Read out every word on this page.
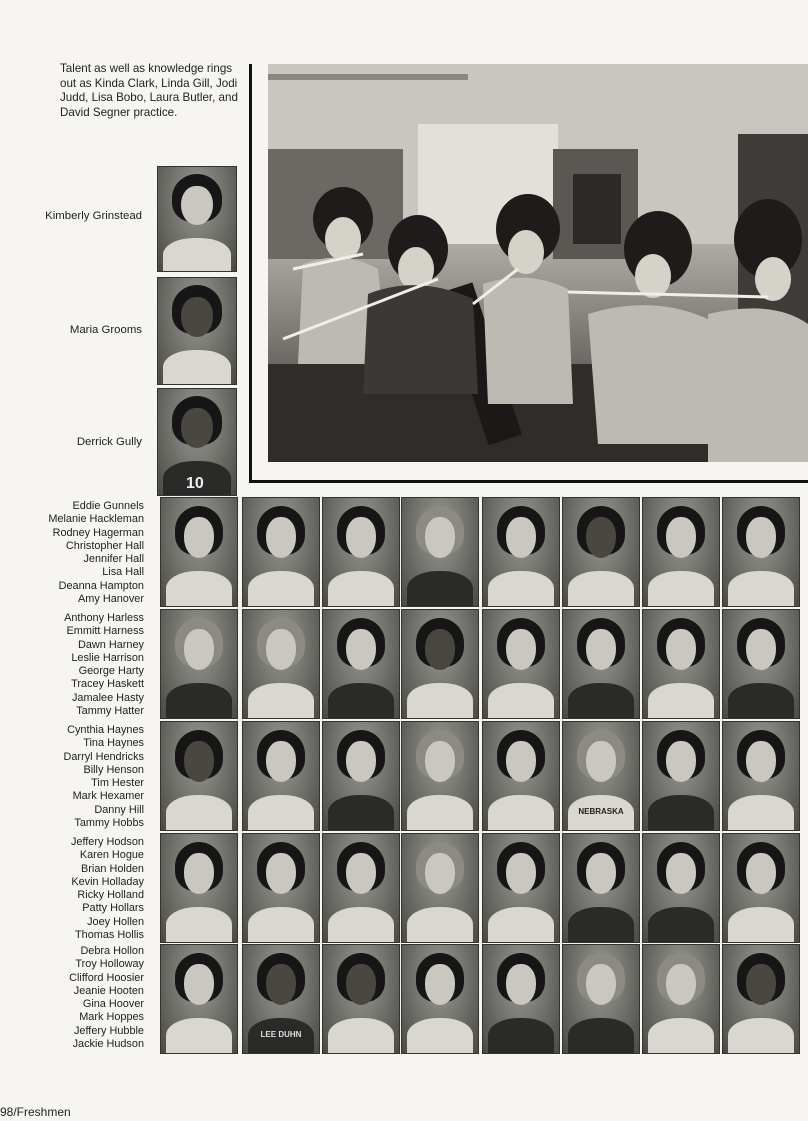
Talent as well as knowledge rings out as Kinda Clark, Linda Gill, Jodi Judd, Lisa Bobo, Laura Butler, and David Segner practice.
Kimberly Grinstead
Maria Grooms
Derrick Gully
10
Eddie Gunnels
Melanie Hackleman
Rodney Hagerman
Christopher Hall
Jennifer Hall
Lisa Hall
Deanna Hampton
Amy Hanover
Anthony Harless
Emmitt Harness
Dawn Harney
Leslie Harrison
George Harty
Tracey Haskett
Jamalee Hasty
Tammy Hatter
Cynthia Haynes
Tina Haynes
Darryl Hendricks
Billy Henson
Tim Hester
Mark Hexamer
Danny Hill
Tammy Hobbs
Jeffery Hodson
Karen Hogue
Brian Holden
Kevin Holladay
Ricky Holland
Patty Hollars
Joey Hollen
Thomas Hollis
Debra Hollon
Troy Holloway
Clifford Hoosier
Jeanie Hooten
Gina Hoover
Mark Hoppes
Jeffery Hubble
Jackie Hudson
NEBRASKA
LEE DUHN
98/Freshmen
